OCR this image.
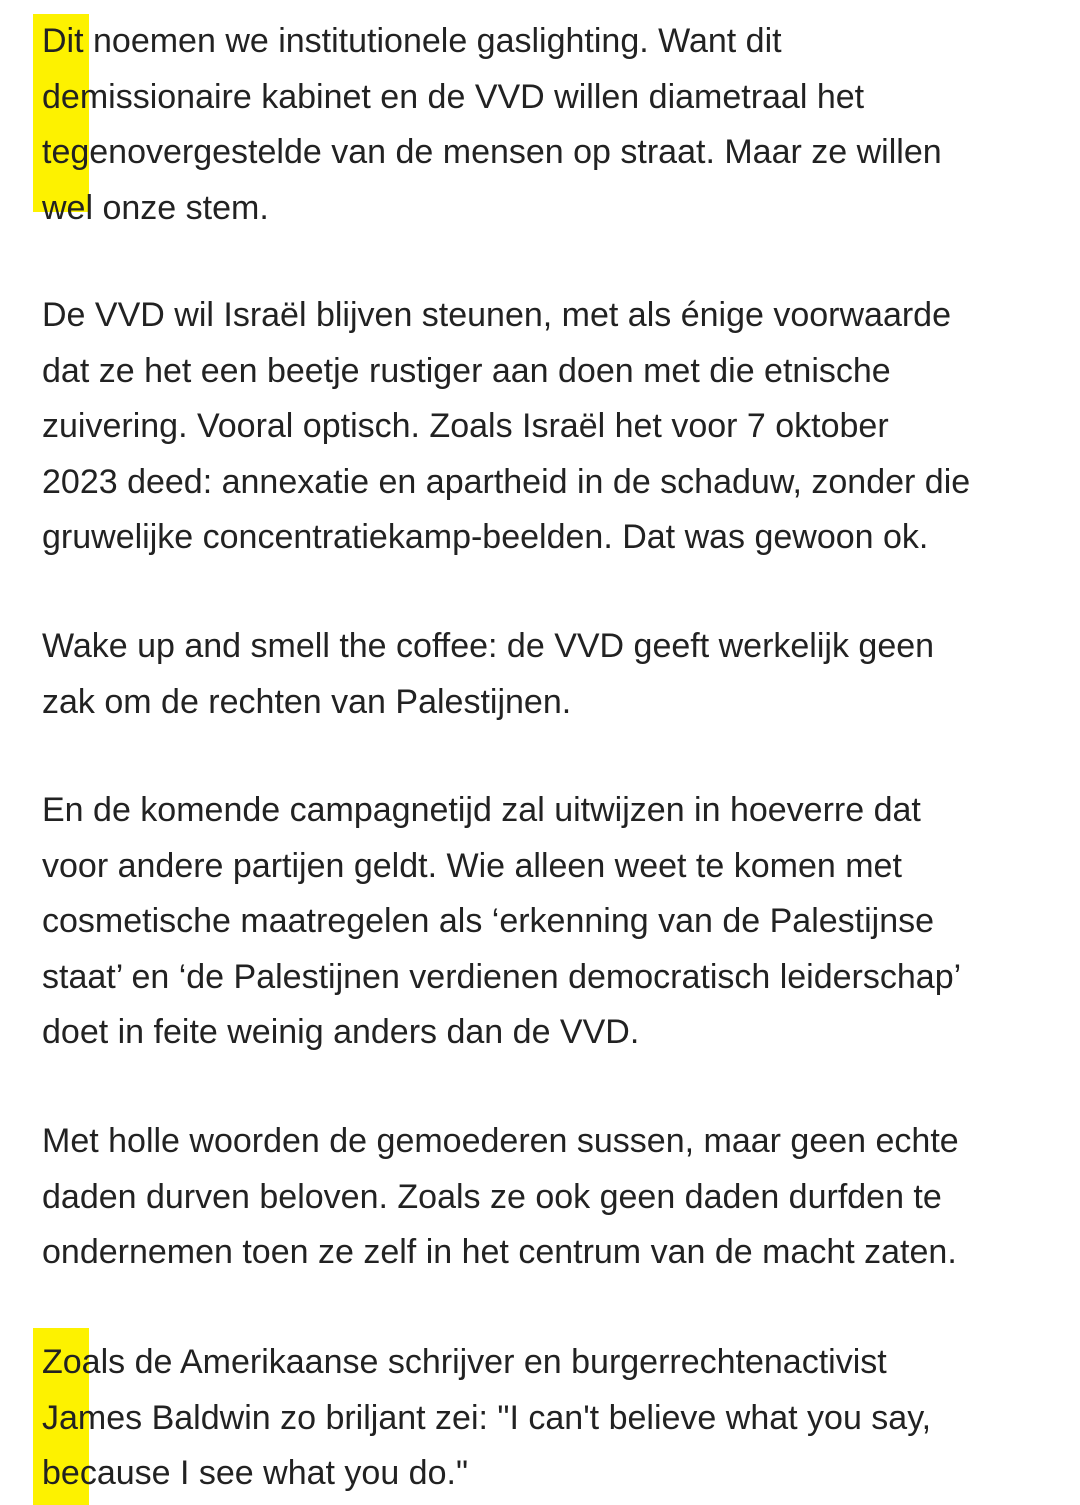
Dit noemen we institutionele gaslighting. Want dit
demissionaire kabinet en de VVD willen diametraal het
tegenovergestelde van de mensen op straat. Maar ze willen
wel onze stem.
De VVD wil Israël blijven steunen, met als énige voorwaarde
dat ze het een beetje rustiger aan doen met die etnische
zuivering. Vooral optisch. Zoals Israël het voor 7 oktober
2023 deed: annexatie en apartheid in de schaduw, zonder die
gruwelijke concentratiekamp-beelden. Dat was gewoon ok.
Wake up and smell the coffee: de VVD geeft werkelijk geen
zak om de rechten van Palestijnen.
En de komende campagnetijd zal uitwijzen in hoeverre dat
voor andere partijen geldt. Wie alleen weet te komen met
cosmetische maatregelen als ‘erkenning van de Palestijnse
staat’ en ‘de Palestijnen verdienen democratisch leiderschap’
doet in feite weinig anders dan de VVD.
Met holle woorden de gemoederen sussen, maar geen echte
daden durven beloven. Zoals ze ook geen daden durfden te
ondernemen toen ze zelf in het centrum van de macht zaten.
Zoals de Amerikaanse schrijver en burgerrechtenactivist
James Baldwin zo briljant zei: "I can't believe what you say,
because I see what you do."
